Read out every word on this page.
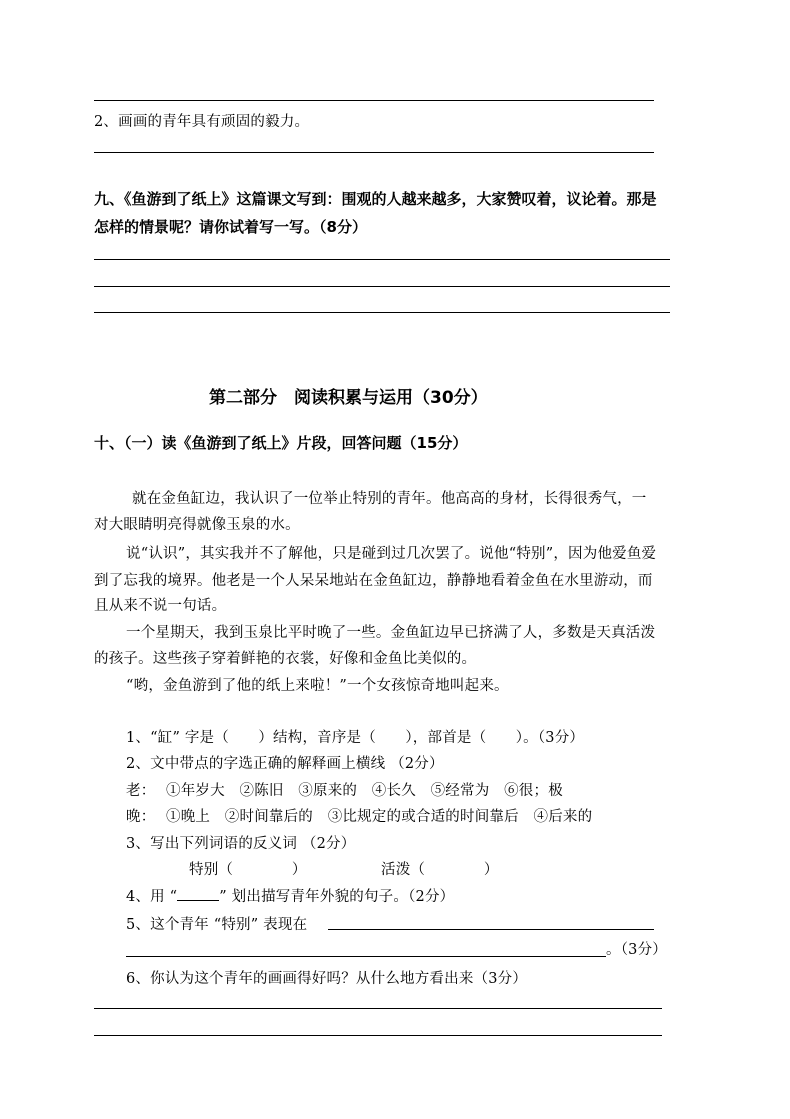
2、画画的青年具有顽固的毅力。
九、《鱼游到了纸上》这篇课文写到：围观的人越来越多，大家赞叹着，议论着。那是
怎样的情景呢？请你试着写一写。（8分）
第二部分　阅读积累与运用（30分）
十、（一）读《鱼游到了纸上》片段，回答问题（15分）
就在金鱼缸边，我认识了一位举止特别的青年。他高高的身材，长得很秀气，一
对大眼睛明亮得就像玉泉的水。
说“认识”，其实我并不了解他，只是碰到过几次罢了。说他“特别”，因为他爱鱼爱
到了忘我的境界。他老是一个人呆呆地站在金鱼缸边，静静地看着金鱼在水里游动，而
且从来不说一句话。
一个星期天，我到玉泉比平时晚了一些。金鱼缸边早已挤满了人，多数是天真活泼
的孩子。这些孩子穿着鲜艳的衣裳，好像和金鱼比美似的。
“哟，金鱼游到了他的纸上来啦！”一个女孩惊奇地叫起来。
1、“缸” 字是（　　）结构，音序是（　　），部首是（　　）。（3分）
2、文中带点的字选正确的解释画上横线 （2分）
老： ①年岁大　②陈旧　③原来的　④长久　⑤经常为　⑥很；极
晚： ①晚上　②时间靠后的　③比规定的或合适的时间靠后　④后来的
3、写出下列词语的反义词 （2分）
特别（　　　　）	活泼（　　　　）
4、用 “	” 划出描写青年外貌的句子。（2分）
5、这个青年 “特别” 表现在
。（3分）
6、你认为这个青年的画画得好吗？从什么地方看出来（3分）
